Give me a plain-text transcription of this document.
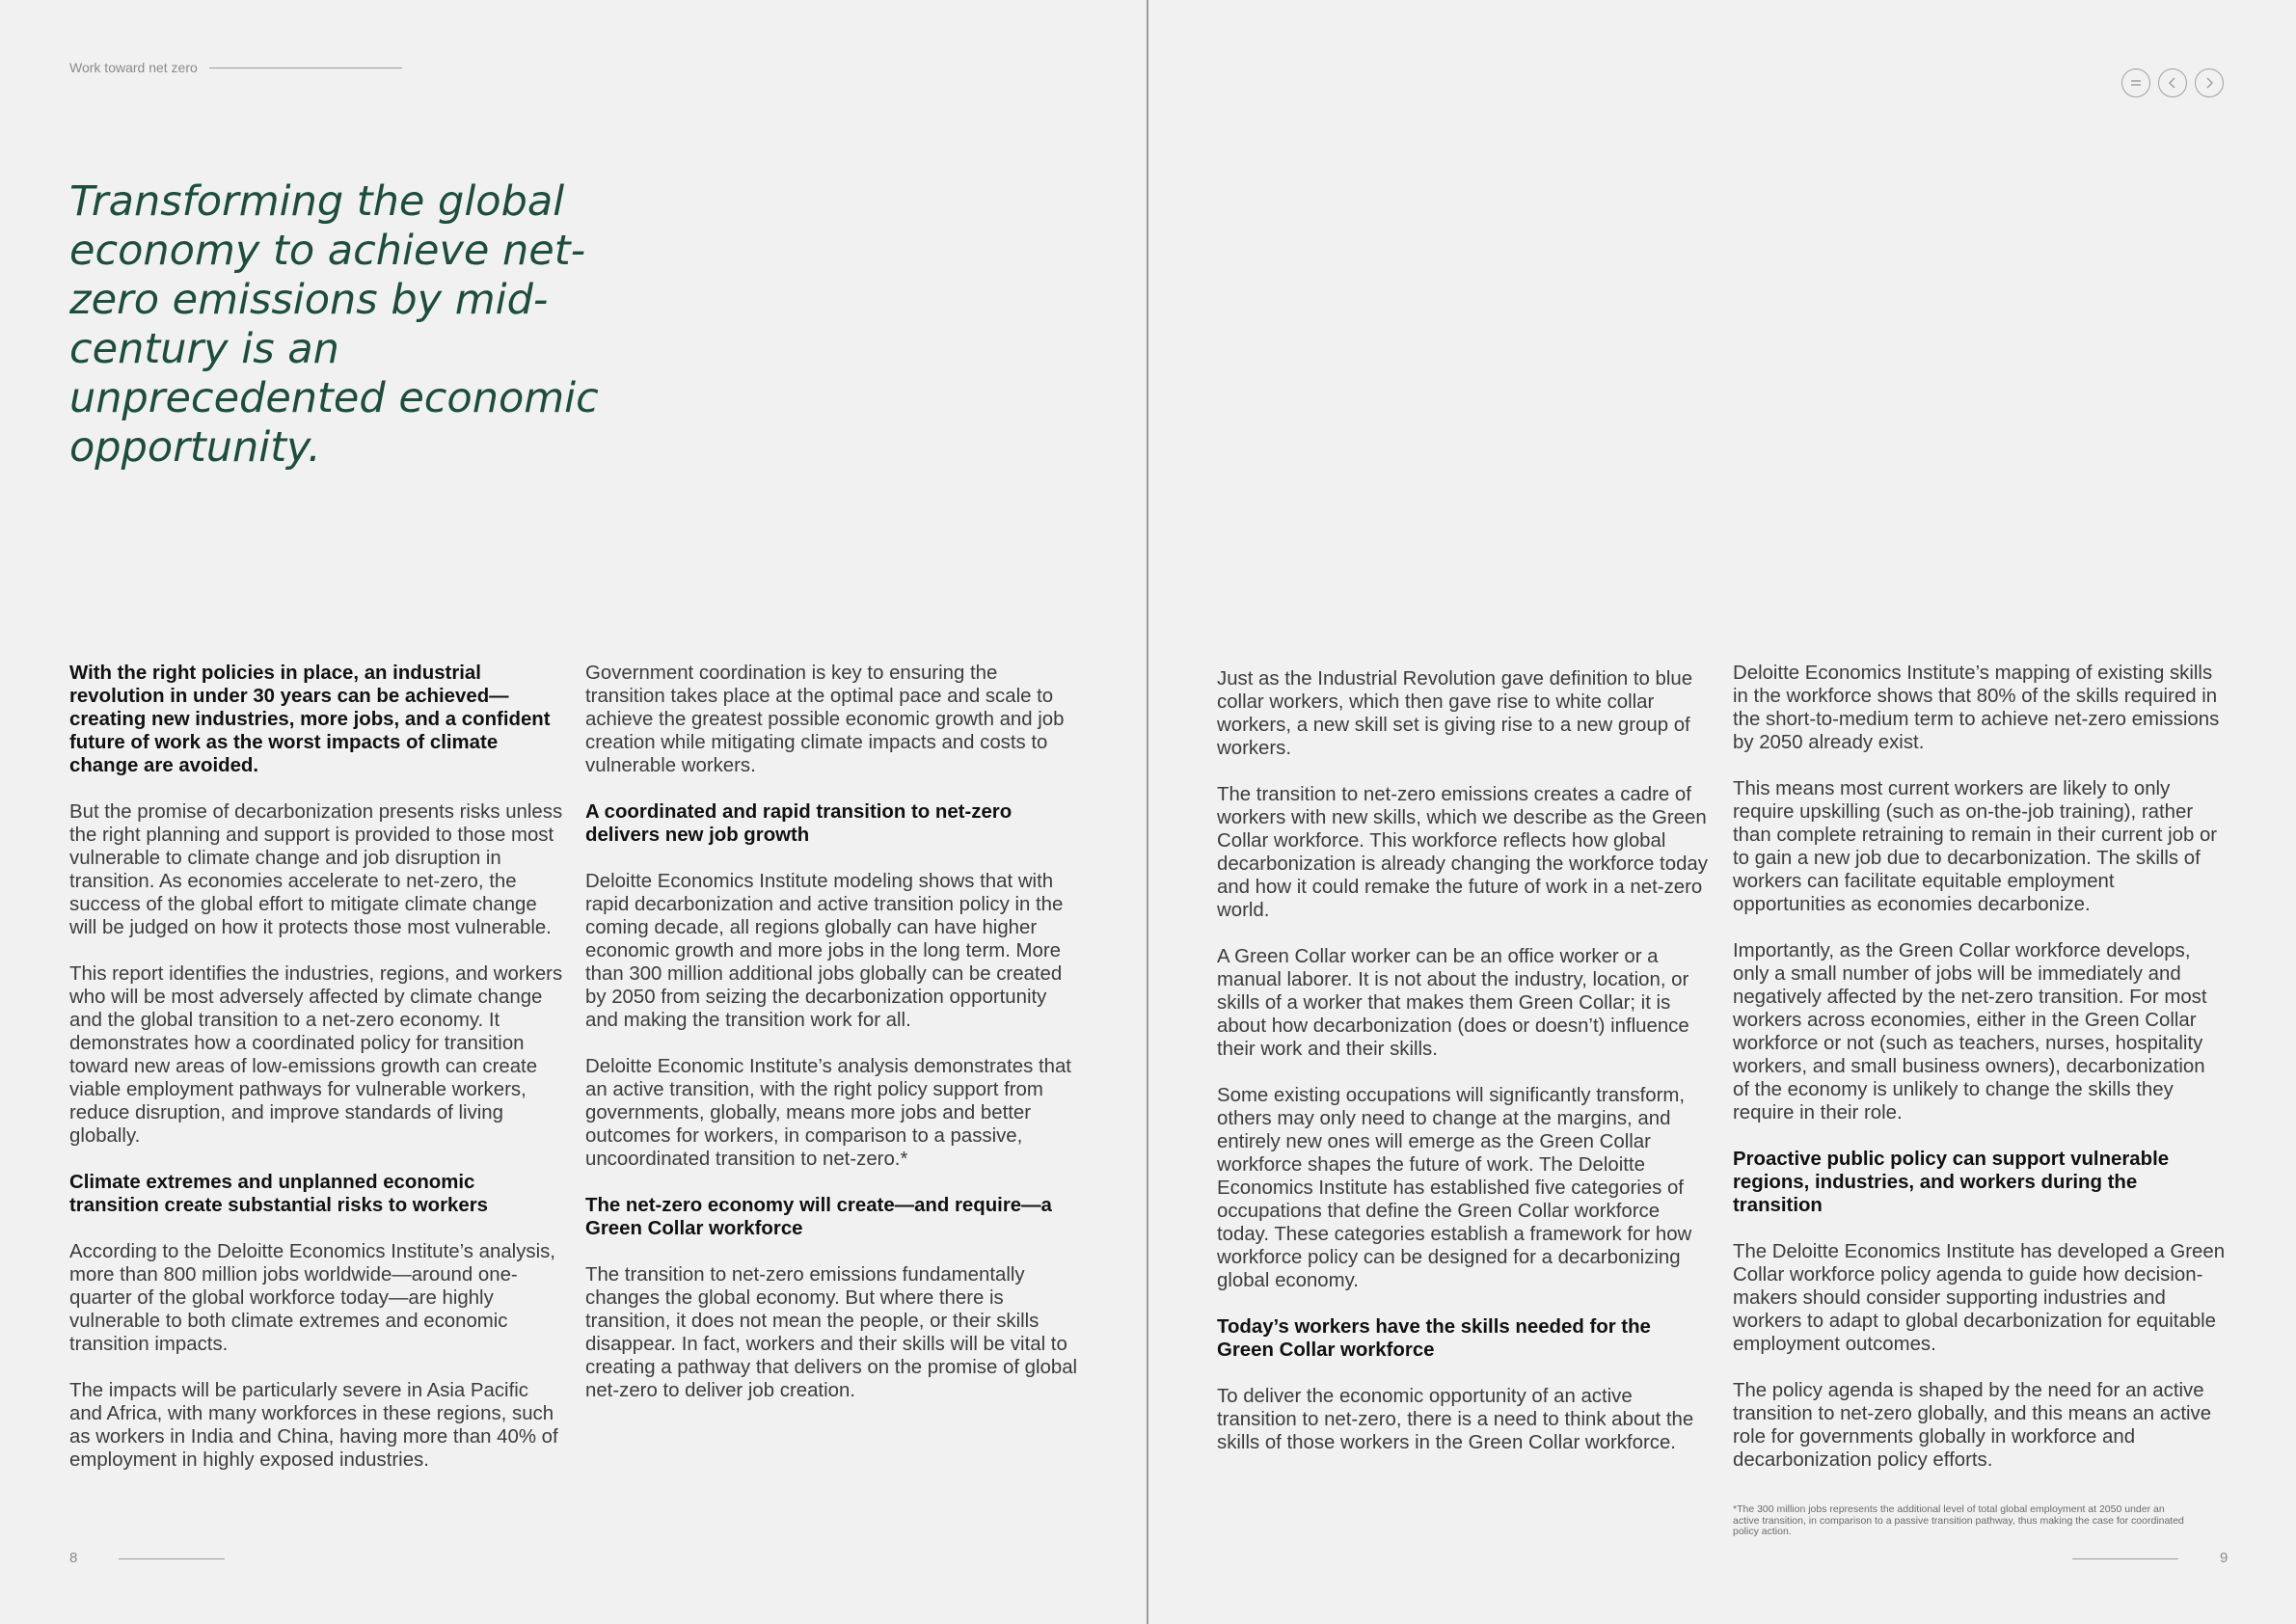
Work toward net zero
Transforming the global economy to achieve net-zero emissions by mid-century is an unprecedented economic opportunity.

With the right policies in place, an industrial revolution in under 30 years can be achieved—creating new industries, more jobs, and a confident future of work as the worst impacts of climate change are avoided.

But the promise of decarbonization presents risks unless the right planning and support is provided to those most vulnerable to climate change and job disruption in transition. As economies accelerate to net-zero, the success of the global effort to mitigate climate change will be judged on how it protects those most vulnerable.

This report identifies the industries, regions, and workers who will be most adversely affected by climate change and the global transition to a net-zero economy. It demonstrates how a coordinated policy for transition toward new areas of low-emissions growth can create viable employment pathways for vulnerable workers, reduce disruption, and improve standards of living globally.

Climate extremes and unplanned economic transition create substantial risks to workers

According to the Deloitte Economics Institute’s analysis, more than 800 million jobs worldwide—around one-quarter of the global workforce today—are highly vulnerable to both climate extremes and economic transition impacts.

The impacts will be particularly severe in Asia Pacific and Africa, with many workforces in these regions, such as workers in India and China, having more than 40% of employment in highly exposed industries.

Government coordination is key to ensuring the transition takes place at the optimal pace and scale to achieve the greatest possible economic growth and job creation while mitigating climate impacts and costs to vulnerable workers.

A coordinated and rapid transition to net-zero delivers new job growth

Deloitte Economics Institute modeling shows that with rapid decarbonization and active transition policy in the coming decade, all regions globally can have higher economic growth and more jobs in the long term. More than 300 million additional jobs globally can be created by 2050 from seizing the decarbonization opportunity and making the transition work for all.

Deloitte Economic Institute’s analysis demonstrates that an active transition, with the right policy support from governments, globally, means more jobs and better outcomes for workers, in comparison to a passive, uncoordinated transition to net-zero.*

The net-zero economy will create—and require—a Green Collar workforce

The transition to net-zero emissions fundamentally changes the global economy. But where there is transition, it does not mean the people, or their skills disappear. In fact, workers and their skills will be vital to creating a pathway that delivers on the promise of global net-zero to deliver job creation.

8

Just as the Industrial Revolution gave definition to blue collar workers, which then gave rise to white collar workers, a new skill set is giving rise to a new group of workers.

The transition to net-zero emissions creates a cadre of workers with new skills, which we describe as the Green Collar workforce. This workforce reflects how global decarbonization is already changing the workforce today and how it could remake the future of work in a net-zero world.

A Green Collar worker can be an office worker or a manual laborer. It is not about the industry, location, or skills of a worker that makes them Green Collar; it is about how decarbonization (does or doesn’t) influence their work and their skills.

Some existing occupations will significantly transform, others may only need to change at the margins, and entirely new ones will emerge as the Green Collar workforce shapes the future of work. The Deloitte Economics Institute has established five categories of occupations that define the Green Collar workforce today. These categories establish a framework for how workforce policy can be designed for a decarbonizing global economy.

Today’s workers have the skills needed for the Green Collar workforce

To deliver the economic opportunity of an active transition to net-zero, there is a need to think about the skills of those workers in the Green Collar workforce.

Deloitte Economics Institute’s mapping of existing skills in the workforce shows that 80% of the skills required in the short-to-medium term to achieve net-zero emissions by 2050 already exist.

This means most current workers are likely to only require upskilling (such as on-the-job training), rather than complete retraining to remain in their current job or to gain a new job due to decarbonization. The skills of workers can facilitate equitable employment opportunities as economies decarbonize.

Importantly, as the Green Collar workforce develops, only a small number of jobs will be immediately and negatively affected by the net-zero transition. For most workers across economies, either in the Green Collar workforce or not (such as teachers, nurses, hospitality workers, and small business owners), decarbonization of the economy is unlikely to change the skills they require in their role.

Proactive public policy can support vulnerable regions, industries, and workers during the transition

The Deloitte Economics Institute has developed a Green Collar workforce policy agenda to guide how decision-makers should consider supporting industries and workers to adapt to global decarbonization for equitable employment outcomes.

The policy agenda is shaped by the need for an active transition to net-zero globally, and this means an active role for governments globally in workforce and decarbonization policy efforts.

*The 300 million jobs represents the additional level of total global employment at 2050 under an active transition, in comparison to a passive transition pathway, thus making the case for coordinated policy action.
9
